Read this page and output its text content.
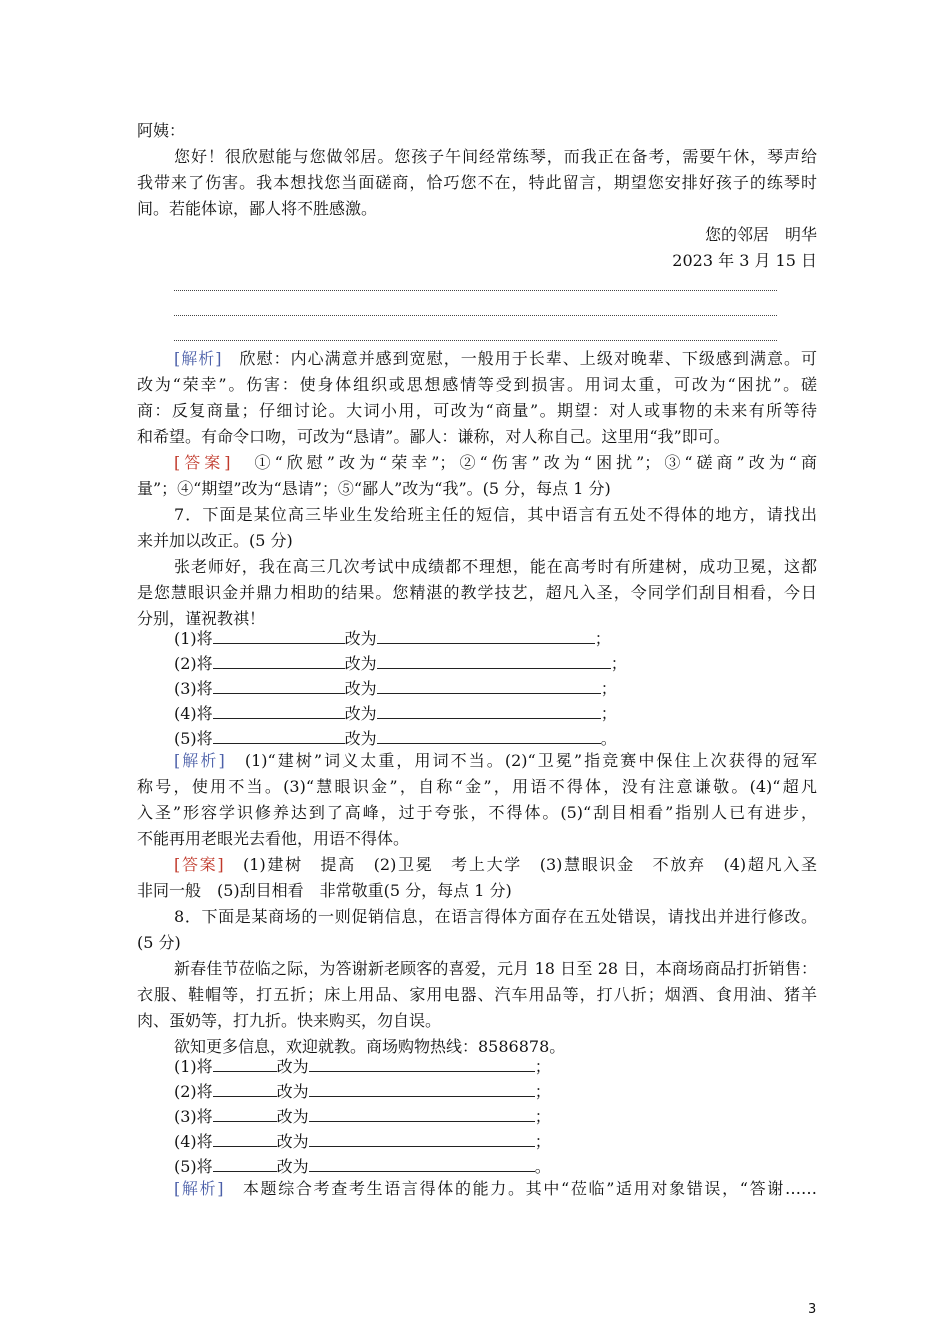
阿姨：
您好！很欣慰能与您做邻居。您孩子午间经常练琴，而我正在备考，需要午休，琴声给
我带来了伤害。我本想找您当面磋商，恰巧您不在，特此留言，期望您安排好孩子的练琴时
间。若能体谅，鄙人将不胜感激。
您的邻居　明华
2023 年 3 月 15 日
[解析]　欣慰：内心满意并感到宽慰，一般用于长辈、上级对晚辈、下级感到满意。可
改为“荣幸”。伤害：使身体组织或思想感情等受到损害。用词太重，可改为“困扰”。磋
商：反复商量；仔细讨论。大词小用，可改为“商量”。期望：对人或事物的未来有所等待
和希望。有命令口吻，可改为“恳请”。鄙人：谦称，对人称自己。这里用“我”即可。
[答案]　①“欣慰”改为“荣幸”；②“伤害”改为“困扰”；③“磋商”改为“商
量”；④“期望”改为“恳请”；⑤“鄙人”改为“我”。(5 分，每点 1 分)
7．下面是某位高三毕业生发给班主任的短信，其中语言有五处不得体的地方，请找出
来并加以改正。(5 分)
张老师好，我在高三几次考试中成绩都不理想，能在高考时有所建树，成功卫冕，这都
是您慧眼识金并鼎力相助的结果。您精湛的教学技艺，超凡入圣，令同学们刮目相看，今日
分别，谨祝教祺！
(1)将	改为	；
(2)将	改为	；
(3)将	改为	；
(4)将	改为	；
(5)将	改为	。
[解析]　(1)“建树”词义太重，用词不当。(2)“卫冕”指竞赛中保住上次获得的冠军
称号，使用不当。(3)“慧眼识金”，自称“金”，用语不得体，没有注意谦敬。(4)“超凡
入圣”形容学识修养达到了高峰，过于夸张，不得体。(5)“刮目相看”指别人已有进步，
不能再用老眼光去看他，用语不得体。
[答案]　(1)建树　提高　(2)卫冕　考上大学　(3)慧眼识金　不放弃　(4)超凡入圣
非同一般　(5)刮目相看　非常敬重(5 分，每点 1 分)
8．下面是某商场的一则促销信息，在语言得体方面存在五处错误，请找出并进行修改。
(5 分)
新春佳节莅临之际，为答谢新老顾客的喜爱，元月 18 日至 28 日，本商场商品打折销售：
衣服、鞋帽等，打五折；床上用品、家用电器、汽车用品等，打八折；烟酒、食用油、猪羊
肉、蛋奶等，打九折。快来购买，勿自误。
欲知更多信息，欢迎就教。商场购物热线：8586878。
(1)将	改为	；
(2)将	改为	；
(3)将	改为	；
(4)将	改为	；
(5)将	改为	。
[解析]　本题综合考查考生语言得体的能力。其中“莅临”适用对象错误，“答谢……
3
